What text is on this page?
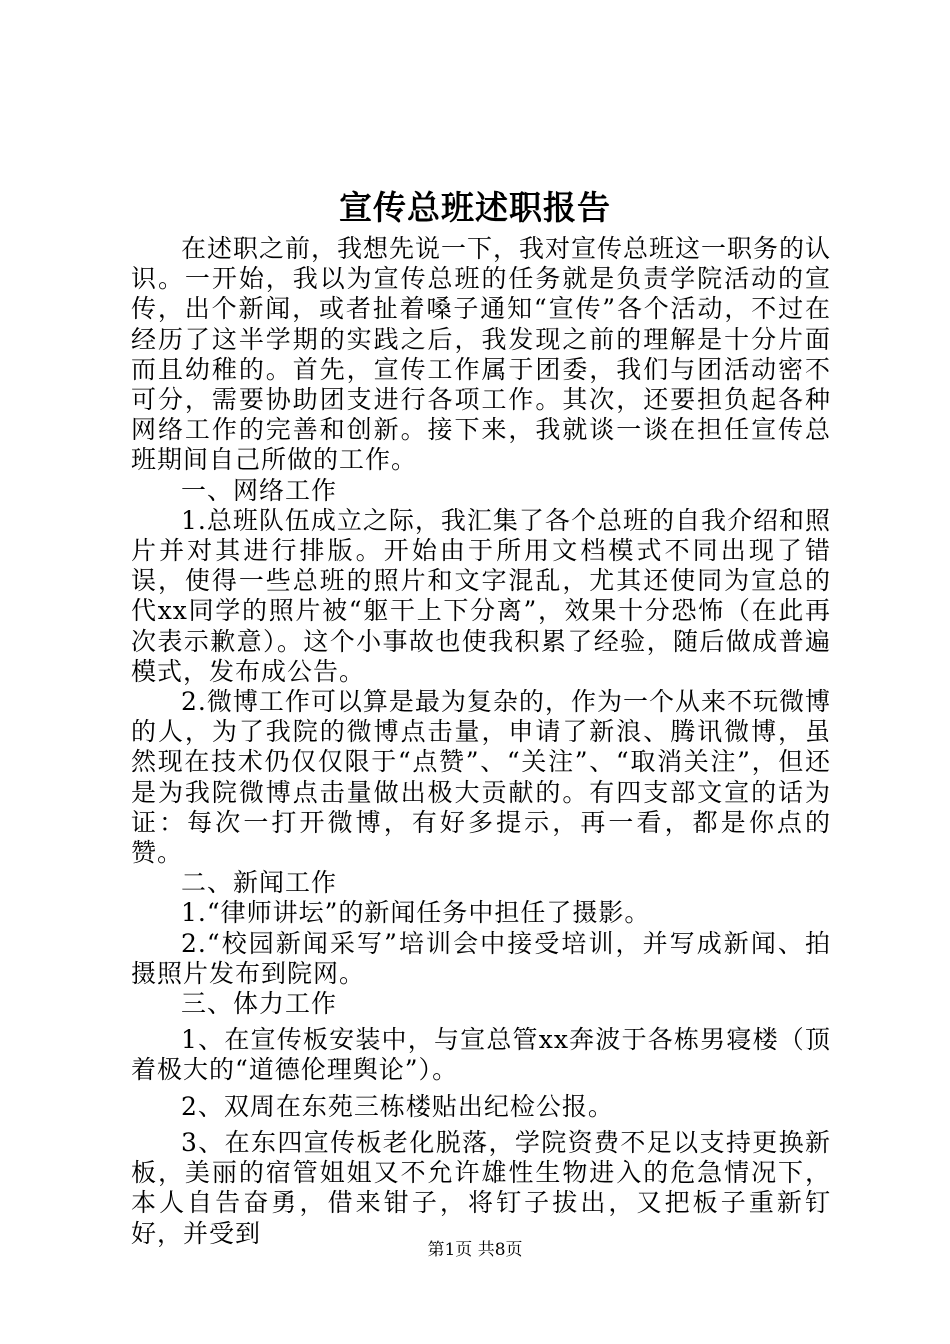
宣传总班述职报告

在述职之前，我想先说一下，我对宣传总班这一职务的认识。一开始，我以为宣传总班的任务就是负责学院活动的宣传，出个新闻，或者扯着嗓子通知“宣传”各个活动，不过在经历了这半学期的实践之后，我发现之前的理解是十分片面而且幼稚的。首先，宣传工作属于团委，我们与团活动密不可分，需要协助团支进行各项工作。其次，还要担负起各种网络工作的完善和创新。接下来，我就谈一谈在担任宣传总班期间自己所做的工作。

一、网络工作

1.总班队伍成立之际，我汇集了各个总班的自我介绍和照片并对其进行排版。开始由于所用文档模式不同出现了错误，使得一些总班的照片和文字混乱，尤其还使同为宣总的代xx同学的照片被“躯干上下分离”，效果十分恐怖（在此再次表示歉意）。这个小事故也使我积累了经验，随后做成普遍模式，发布成公告。

2.微博工作可以算是最为复杂的，作为一个从来不玩微博的人，为了我院的微博点击量，申请了新浪、腾讯微博，虽然现在技术仍仅仅限于“点赞”、“关注”、“取消关注”，但还是为我院微博点击量做出极大贡献的。有四支部文宣的话为证：每次一打开微博，有好多提示，再一看，都是你点的赞。

二、新闻工作

1.“律师讲坛”的新闻任务中担任了摄影。

2.“校园新闻采写”培训会中接受培训，并写成新闻、拍摄照片发布到院网。

三、体力工作

1、在宣传板安装中，与宣总管xx奔波于各栋男寝楼（顶着极大的“道德伦理舆论”）。

2、双周在东苑三栋楼贴出纪检公报。

3、在东四宣传板老化脱落，学院资费不足以支持更换新板，美丽的宿管姐姐又不允许雄性生物进入的危急情况下，本人自告奋勇，借来钳子，将钉子拔出，又把板子重新钉好，并受到

第1页 共8页
